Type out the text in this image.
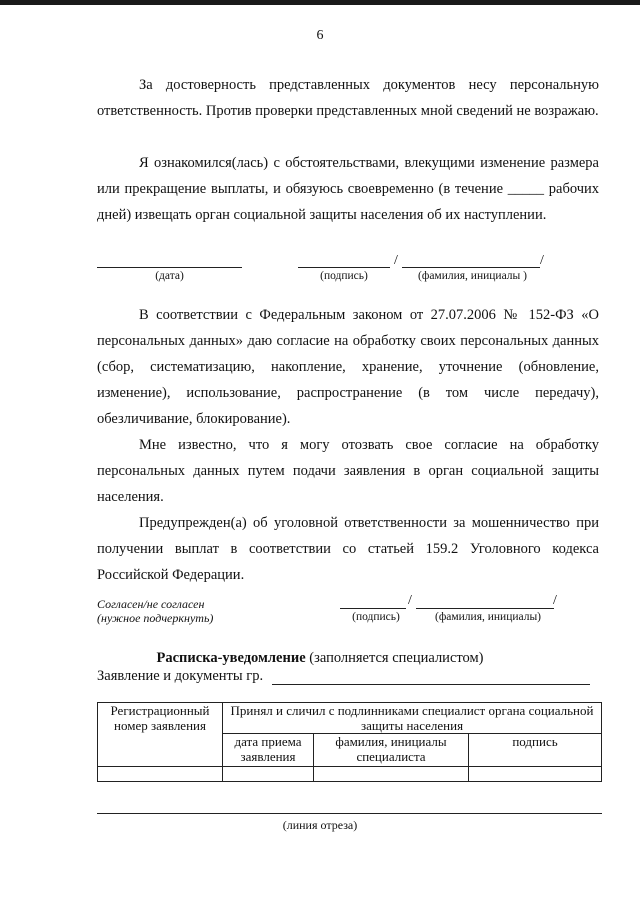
6

За достоверность представленных документов несу персональную ответственность. Против проверки представленных мной сведений не возражаю.

Я ознакомился(лась) с обстоятельствами, влекущими изменение размера или прекращение выплаты, и обязуюсь своевременно (в течение _____ рабочих дней) извещать орган социальной защиты населения об их наступлении.

(дата)	(подпись)
/	/
(фамилия, инициалы )

В соответствии с Федеральным законом от 27.07.2006 № 152-ФЗ «О персональных данных» даю согласие на обработку своих персональных данных (сбор, систематизацию, накопление, хранение, уточнение (обновление, изменение), использование, распространение (в том числе передачу), обезличивание, блокирование).

Мне известно, что я могу отозвать свое согласие на обработку персональных данных путем подачи заявления в орган социальной защиты населения.

Предупрежден(а) об уголовной ответственности за мошенничество при получении выплат в соответствии со статьей 159.2 Уголовного кодекса Российской Федерации.

Согласен/не согласен
(нужное подчеркнуть)
/	/
(подпись)	(фамилия, инициалы)
Расписка-уведомление (заполняется специалистом)
Заявление и документы гр.
Регистрационный номер заявления	Принял и сличил с подлинниками специалист органа социальной защиты населения		
	дата приема заявления	фамилия, инициалы специалиста	подпись

(линия отреза)
